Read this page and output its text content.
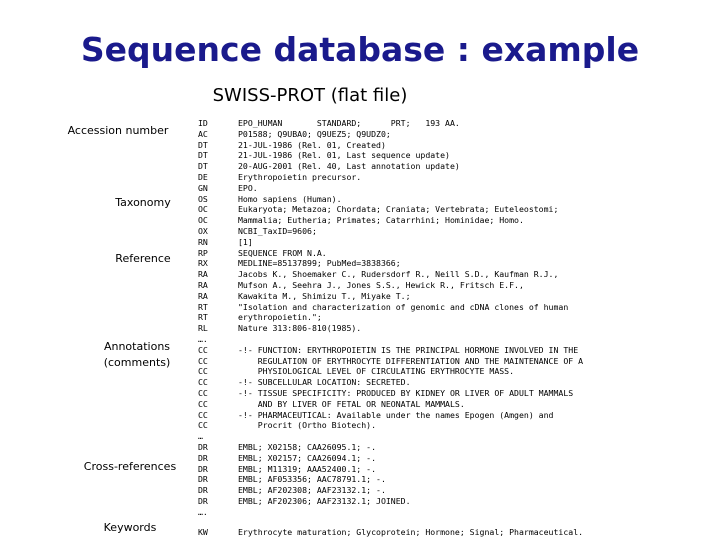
Sequence database : example
SWISS-PROT (flat file)
Accession number
Taxonomy
Reference
Annotations
(comments)
Cross-references
Keywords
ID	EPO_HUMAN       STANDARD;      PRT;   193 AA.
AC	P01588; Q9UBA0; Q9UEZ5; Q9UDZ0;
DT	21-JUL-1986 (Rel. 01, Created)
DT	21-JUL-1986 (Rel. 01, Last sequence update)
DT	20-AUG-2001 (Rel. 40, Last annotation update)
DE	Erythropoietin precursor.
GN	EPO.
OS	Homo sapiens (Human).
OC	Eukaryota; Metazoa; Chordata; Craniata; Vertebrata; Euteleostomi;
OC	Mammalia; Eutheria; Primates; Catarrhini; Hominidae; Homo.
OX	NCBI_TaxID=9606;
RN	[1]
RP	SEQUENCE FROM N.A.
RX	MEDLINE=85137899; PubMed=3838366;
RA	Jacobs K., Shoemaker C., Rudersdorf R., Neill S.D., Kaufman R.J.,
RA	Mufson A., Seehra J., Jones S.S., Hewick R., Fritsch E.F.,
RA	Kawakita M., Shimizu T., Miyake T.;
RT	"Isolation and characterization of genomic and cDNA clones of human
RT	erythropoietin.";
RL	Nature 313:806-810(1985).
….
CC	-!- FUNCTION: ERYTHROPOIETIN IS THE PRINCIPAL HORMONE INVOLVED IN THE
CC	REGULATION OF ERYTHROCYTE DIFFERENTIATION AND THE MAINTENANCE OF A
CC	PHYSIOLOGICAL LEVEL OF CIRCULATING ERYTHROCYTE MASS.
CC	-!- SUBCELLULAR LOCATION: SECRETED.
CC	-!- TISSUE SPECIFICITY: PRODUCED BY KIDNEY OR LIVER OF ADULT MAMMALS
CC	AND BY LIVER OF FETAL OR NEONATAL MAMMALS.
CC	-!- PHARMACEUTICAL: Available under the names Epogen (Amgen) and
CC	Procrit (Ortho Biotech).
…
DR	EMBL; X02158; CAA26095.1; -.
DR	EMBL; X02157; CAA26094.1; -.
DR	EMBL; M11319; AAA52400.1; -.
DR	EMBL; AF053356; AAC78791.1; -.
DR	EMBL; AF202308; AAF23132.1; -.
DR	EMBL; AF202306; AAF23132.1; JOINED.
….
KW	Erythrocyte maturation; Glycoprotein; Hormone; Signal; Pharmaceutical.
